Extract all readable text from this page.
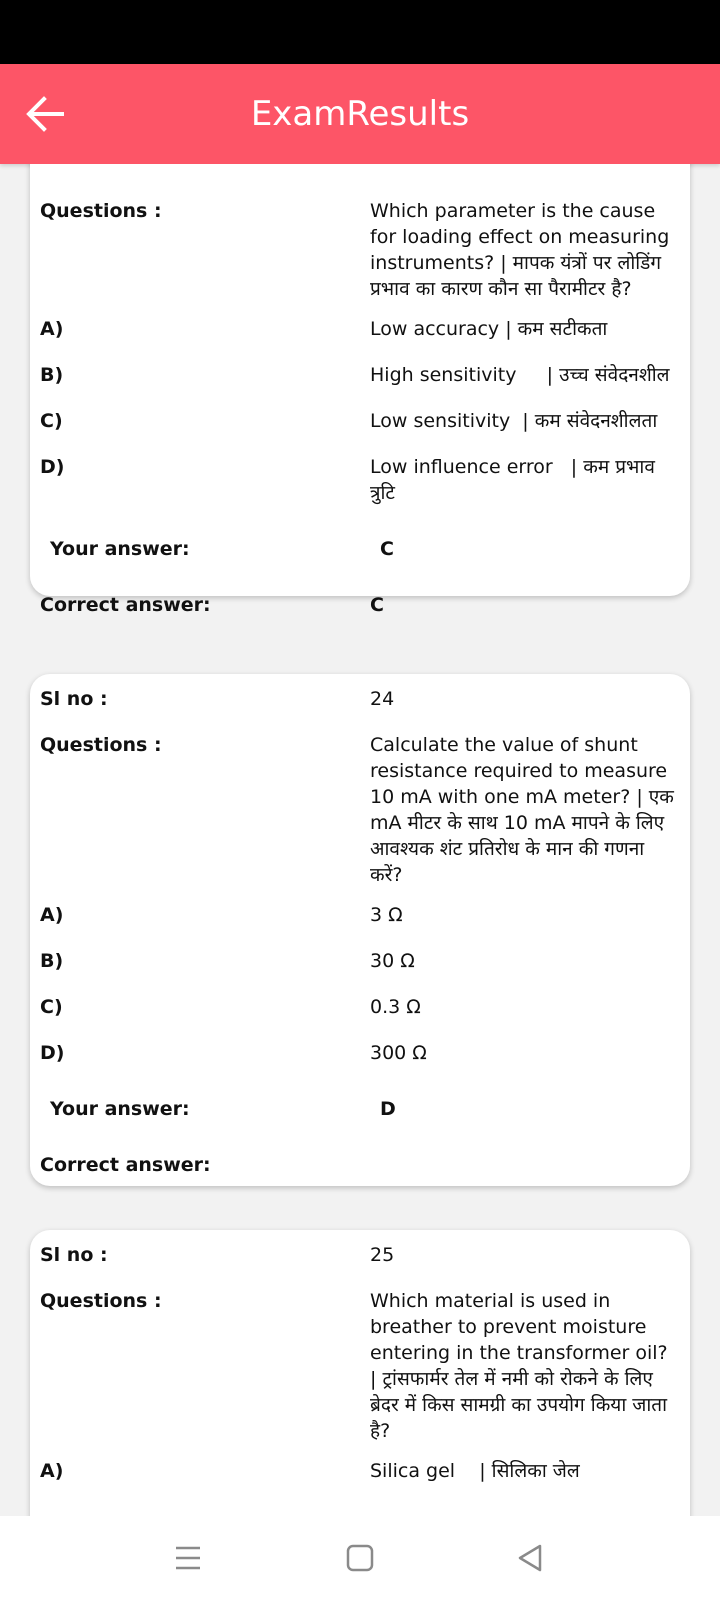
ExamResults
Questions :	Which parameter is the cause for loading effect on measuring instruments? | मापक यंत्रों पर लोडिंग प्रभाव का कारण कौन सा पैरामीटर है?
A)	Low accuracy | कम सटीकता
B)	High sensitivity     | उच्च संवेदनशील
C)	Low sensitivity  | कम संवेदनशीलता
D)	Low influence error   | कम प्रभाव त्रुटि
Your answer:	C
Correct answer:	C
Sl no :	24
Questions :	Calculate the value of shunt resistance required to measure 10 mA with one mA meter? | एक mA मीटर के साथ 10 mA मापने के लिए आवश्यक शंट प्रतिरोध के मान की गणना करें?
A)	3 Ω
B)	30 Ω
C)	0.3 Ω
D)	300 Ω
Your answer:	D
Correct answer:
Sl no :	25
Questions :	Which material is used in breather to prevent moisture entering in the transformer oil? | ट्रांसफार्मर तेल में नमी को रोकने के लिए ब्रेदर में किस सामग्री का उपयोग किया जाता है?
A)	Silica gel    | सिलिका जेल
